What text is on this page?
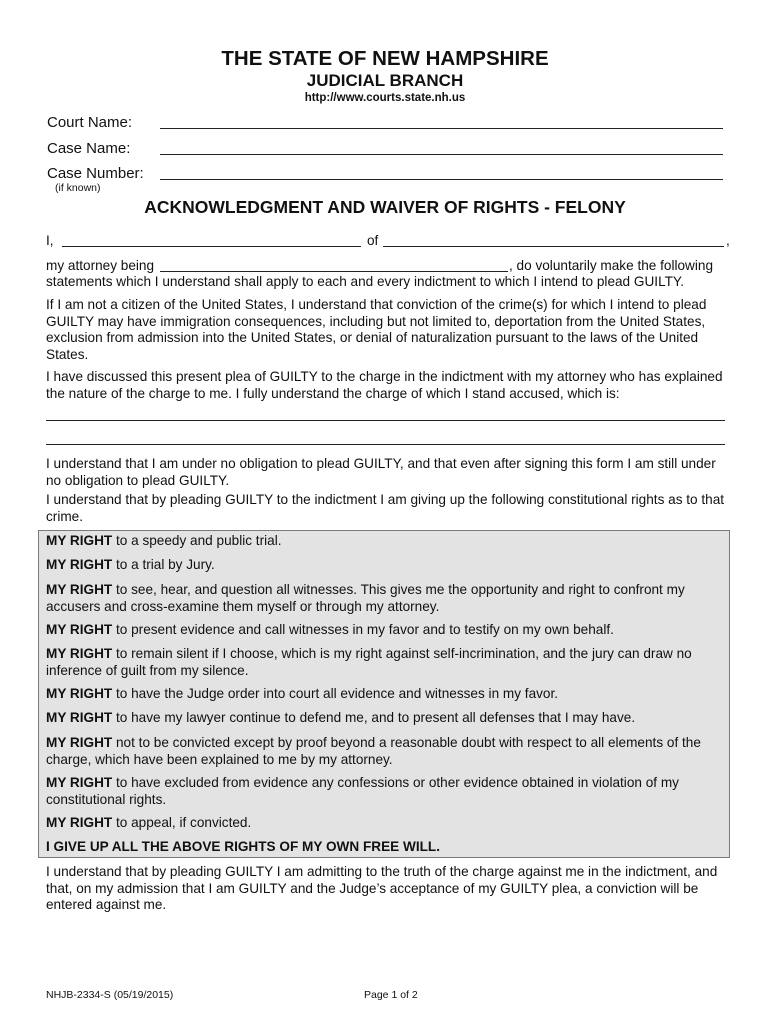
THE STATE OF NEW HAMPSHIRE
JUDICIAL BRANCH
http://www.courts.state.nh.us
Court Name:
Case Name:
Case Number:
(if known)
ACKNOWLEDGMENT AND WAIVER OF RIGHTS - FELONY
I,	of	,
my attorney being	, do voluntarily make the following
statements which I understand shall apply to each and every indictment to which I intend to plead GUILTY.
If I am not a citizen of the United States, I understand that conviction of the crime(s) for which I intend to plead GUILTY may have immigration consequences, including but not limited to, deportation from the United States, exclusion from admission into the United States, or denial of naturalization pursuant to the laws of the United States.
I have discussed this present plea of GUILTY to the charge in the indictment with my attorney who has explained the nature of the charge to me. I fully understand the charge of which I stand accused, which is:
I understand that I am under no obligation to plead GUILTY, and that even after signing this form I am still under no obligation to plead GUILTY.
I understand that by pleading GUILTY to the indictment I am giving up the following constitutional rights as to that crime.
MY RIGHT to a speedy and public trial.
MY RIGHT to a trial by Jury.
MY RIGHT to see, hear, and question all witnesses. This gives me the opportunity and right to confront my accusers and cross-examine them myself or through my attorney.
MY RIGHT to present evidence and call witnesses in my favor and to testify on my own behalf.
MY RIGHT to remain silent if I choose, which is my right against self-incrimination, and the jury can draw no inference of guilt from my silence.
MY RIGHT to have the Judge order into court all evidence and witnesses in my favor.
MY RIGHT to have my lawyer continue to defend me, and to present all defenses that I may have.
MY RIGHT not to be convicted except by proof beyond a reasonable doubt with respect to all elements of the charge, which have been explained to me by my attorney.
MY RIGHT to have excluded from evidence any confessions or other evidence obtained in violation of my constitutional rights.
MY RIGHT to appeal, if convicted.
I GIVE UP ALL THE ABOVE RIGHTS OF MY OWN FREE WILL.
I understand that by pleading GUILTY I am admitting to the truth of the charge against me in the indictment, and that, on my admission that I am GUILTY and the Judge’s acceptance of my GUILTY plea, a conviction will be entered against me.
NHJB-2334-S (05/19/2015)	Page 1 of 2
